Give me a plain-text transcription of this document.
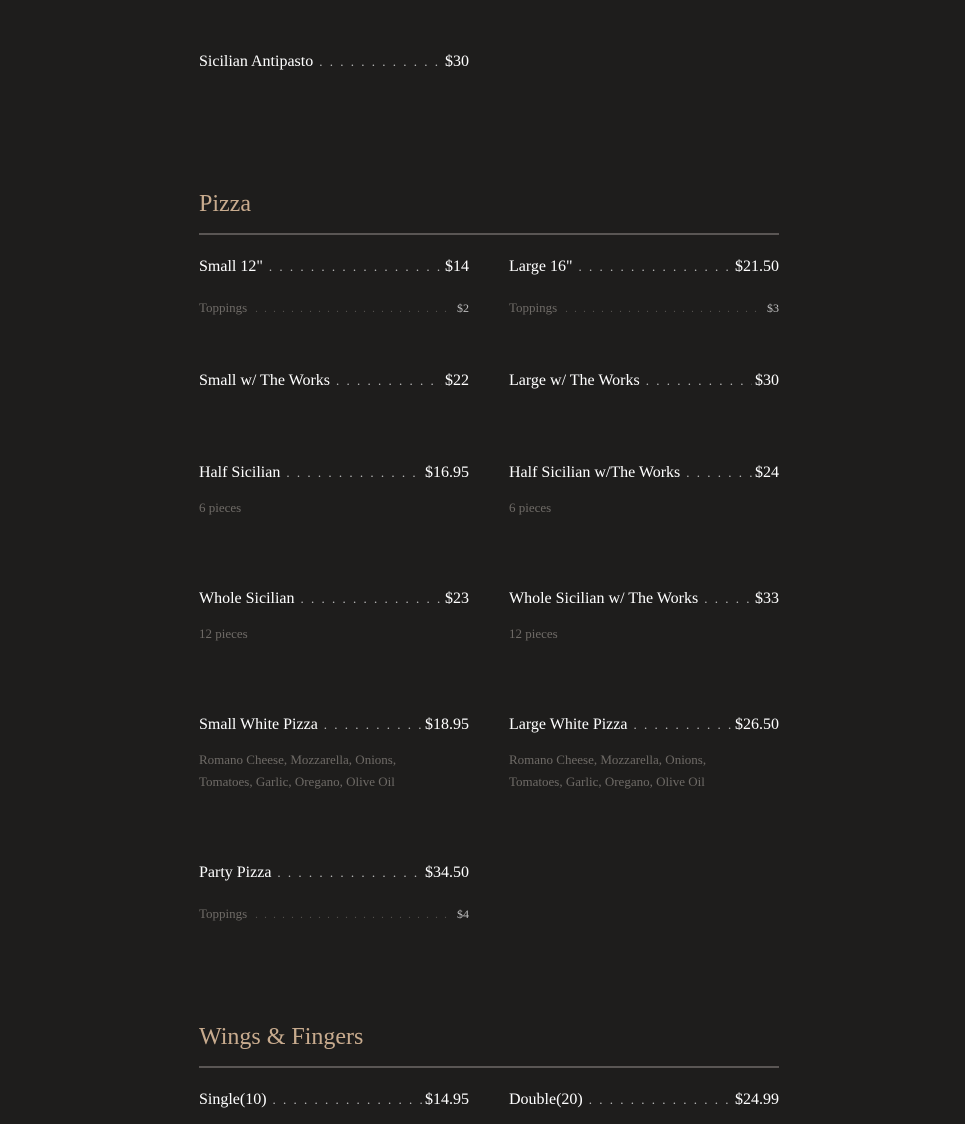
Sicilian Antipasto . . .	$30
Pizza
Small 12" . . .	$14
Toppings . . .	$2
Large 16" . . .	$21.50
Toppings . . .	$3
Small w/ The Works . . .	$22	Large w/ The Works . . .	$30
Half Sicilian . . .	$16.95
6 pieces
Half Sicilian w/The Works . . .	$24
6 pieces
Whole Sicilian . . .	$23
12 pieces
Whole Sicilian w/ The Works . . .	$33
12 pieces
Small White Pizza . . .	$18.95
Romano Cheese, Mozzarella, Onions, Tomatoes, Garlic, Oregano, Olive Oil
Large White Pizza . . .	$26.50
Romano Cheese, Mozzarella, Onions, Tomatoes, Garlic, Oregano, Olive Oil
Party Pizza . . .	$34.50
Toppings . . .	$4
Wings & Fingers
Single(10) . . .	$14.95	Double(20) . . .	$24.99
